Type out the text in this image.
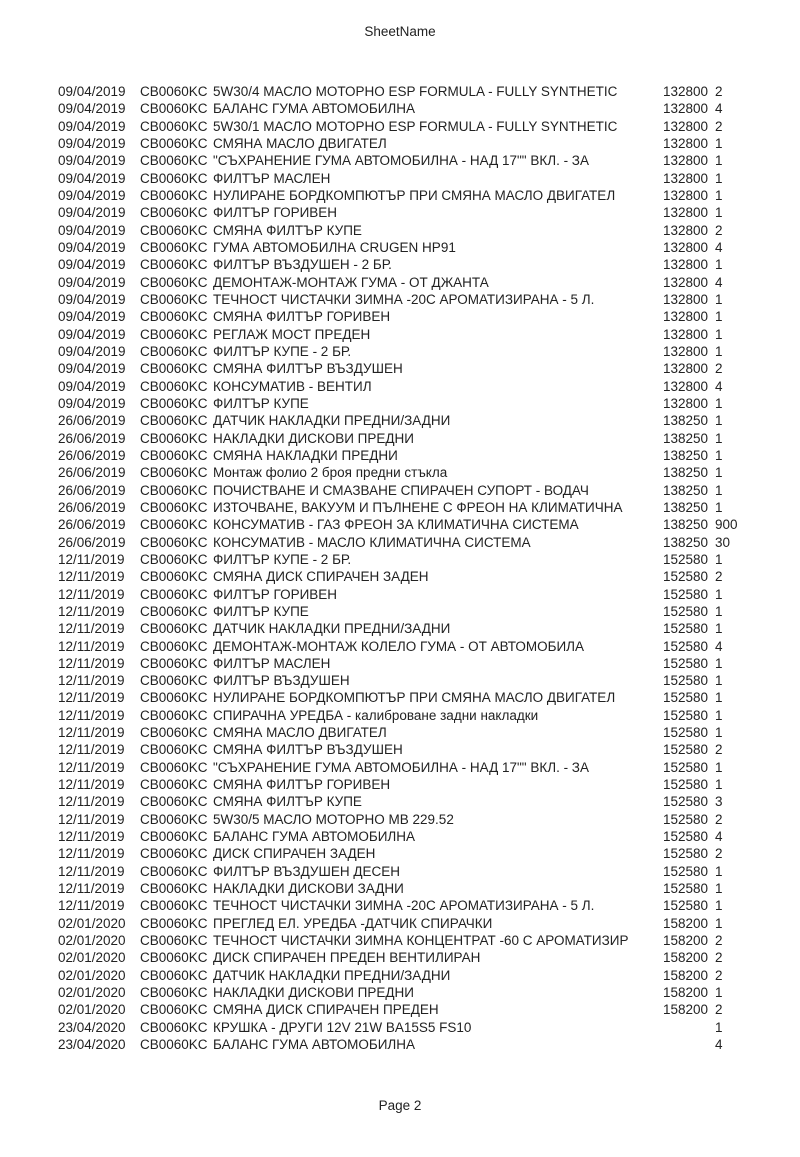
SheetName
09/04/2019	CB0060KC 5W30/4 МАСЛО МОТОРНО ESP FORMULA - FULLY SYNTHETIC	132800 2
09/04/2019	CB0060KC БАЛАНС ГУМА АВТОМОБИЛНА	132800 4
09/04/2019	CB0060KC 5W30/1 МАСЛО МОТОРНО ESP FORMULA - FULLY SYNTHETIC	132800 2
09/04/2019	CB0060KC СМЯНА МАСЛО ДВИГАТЕЛ	132800 1
09/04/2019	CB0060KC "СЪХРАНЕНИЕ ГУМА АВТОМОБИЛНА - НАД 17"" ВКЛ. - ЗА	132800 1
09/04/2019	CB0060KC ФИЛТЪР МАСЛЕН	132800 1
09/04/2019	CB0060KC НУЛИРАНЕ БОРДКОМПЮТЪР ПРИ СМЯНА МАСЛО ДВИГАТЕЛ	132800 1
09/04/2019	CB0060KC ФИЛТЪР ГОРИВЕН	132800 1
09/04/2019	CB0060KC СМЯНА ФИЛТЪР КУПЕ	132800 2
09/04/2019	CB0060KC ГУМА АВТОМОБИЛНА CRUGEN HP91	132800 4
09/04/2019	CB0060KC ФИЛТЪР ВЪЗДУШЕН - 2 БР.	132800 1
09/04/2019	CB0060KC ДЕМОНТАЖ-МОНТАЖ ГУМА - ОТ ДЖАНТА	132800 4
09/04/2019	CB0060KC ТЕЧНОСТ ЧИСТАЧКИ ЗИМНА -20C АРОМАТИЗИРАНА - 5 Л.	132800 1
09/04/2019	CB0060KC СМЯНА ФИЛТЪР ГОРИВЕН	132800 1
09/04/2019	CB0060KC РЕГЛАЖ МОСТ ПРЕДЕН	132800 1
09/04/2019	CB0060KC ФИЛТЪР КУПЕ - 2 БР.	132800 1
09/04/2019	CB0060KC СМЯНА ФИЛТЪР ВЪЗДУШЕН	132800 2
09/04/2019	CB0060KC КОНСУМАТИВ - ВЕНТИЛ	132800 4
09/04/2019	CB0060KC ФИЛТЪР КУПЕ	132800 1
26/06/2019	CB0060KC ДАТЧИК НАКЛАДКИ ПРЕДНИ/ЗАДНИ	138250 1
26/06/2019	CB0060KC НАКЛАДКИ ДИСКОВИ ПРЕДНИ	138250 1
26/06/2019	CB0060KC СМЯНА НАКЛАДКИ ПРЕДНИ	138250 1
26/06/2019	CB0060KC Монтаж фолио 2 броя предни стъкла	138250 1
26/06/2019	CB0060KC ПОЧИСТВАНЕ И СМАЗВАНЕ СПИРАЧЕН СУПОРТ - ВОДАЧ	138250 1
26/06/2019	CB0060KC ИЗТОЧВАНЕ, ВАКУУМ И ПЪЛНЕНЕ С ФРЕОН НА КЛИМАТИЧНА	138250 1
26/06/2019	CB0060KC КОНСУМАТИВ - ГАЗ ФРЕОН ЗА КЛИМАТИЧНА СИСТЕМА	138250 900
26/06/2019	CB0060KC КОНСУМАТИВ - МАСЛО КЛИМАТИЧНА СИСТЕМА	138250 30
12/11/2019	CB0060KC ФИЛТЪР КУПЕ - 2 БР.	152580 1
12/11/2019	CB0060KC СМЯНА ДИСК СПИРАЧЕН ЗАДЕН	152580 2
12/11/2019	CB0060KC ФИЛТЪР ГОРИВЕН	152580 1
12/11/2019	CB0060KC ФИЛТЪР КУПЕ	152580 1
12/11/2019	CB0060KC ДАТЧИК НАКЛАДКИ ПРЕДНИ/ЗАДНИ	152580 1
12/11/2019	CB0060KC ДЕМОНТАЖ-МОНТАЖ КОЛЕЛО ГУМА - ОТ АВТОМОБИЛА	152580 4
12/11/2019	CB0060KC ФИЛТЪР МАСЛЕН	152580 1
12/11/2019	CB0060KC ФИЛТЪР ВЪЗДУШЕН	152580 1
12/11/2019	CB0060KC НУЛИРАНЕ БОРДКОМПЮТЪР ПРИ СМЯНА МАСЛО ДВИГАТЕЛ	152580 1
12/11/2019	CB0060KC СПИРАЧНА УРЕДБА - калиброване задни накладки	152580 1
12/11/2019	CB0060KC СМЯНА МАСЛО ДВИГАТЕЛ	152580 1
12/11/2019	CB0060KC СМЯНА ФИЛТЪР ВЪЗДУШЕН	152580 2
12/11/2019	CB0060KC "СЪХРАНЕНИЕ ГУМА АВТОМОБИЛНА - НАД 17"" ВКЛ. - ЗА	152580 1
12/11/2019	CB0060KC СМЯНА ФИЛТЪР ГОРИВЕН	152580 1
12/11/2019	CB0060KC СМЯНА ФИЛТЪР КУПЕ	152580 3
12/11/2019	CB0060KC 5W30/5 МАСЛО МОТОРНО MB 229.52	152580 2
12/11/2019	CB0060KC БАЛАНС ГУМА АВТОМОБИЛНА	152580 4
12/11/2019	CB0060KC ДИСК СПИРАЧЕН ЗАДЕН	152580 2
12/11/2019	CB0060KC ФИЛТЪР ВЪЗДУШЕН ДЕСЕН	152580 1
12/11/2019	CB0060KC НАКЛАДКИ ДИСКОВИ ЗАДНИ	152580 1
12/11/2019	CB0060KC ТЕЧНОСТ ЧИСТАЧКИ ЗИМНА -20C АРОМАТИЗИРАНА - 5 Л.	152580 1
02/01/2020	CB0060KC ПРЕГЛЕД ЕЛ. УРЕДБА -ДАТЧИК СПИРАЧКИ	158200 1
02/01/2020	CB0060KC ТЕЧНОСТ ЧИСТАЧКИ ЗИМНА КОНЦЕНТРАТ -60 С АРОМАТИЗИР	158200 2
02/01/2020	CB0060KC ДИСК СПИРАЧЕН ПРЕДЕН ВЕНТИЛИРАН	158200 2
02/01/2020	CB0060KC ДАТЧИК НАКЛАДКИ ПРЕДНИ/ЗАДНИ	158200 2
02/01/2020	CB0060KC НАКЛАДКИ ДИСКОВИ ПРЕДНИ	158200 1
02/01/2020	CB0060KC СМЯНА ДИСК СПИРАЧЕН ПРЕДЕН	158200 2
23/04/2020	CB0060KC КРУШКА - ДРУГИ 12V 21W BA15S5 FS10	1
23/04/2020	CB0060KC БАЛАНС ГУМА АВТОМОБИЛНА	4
Page 2
